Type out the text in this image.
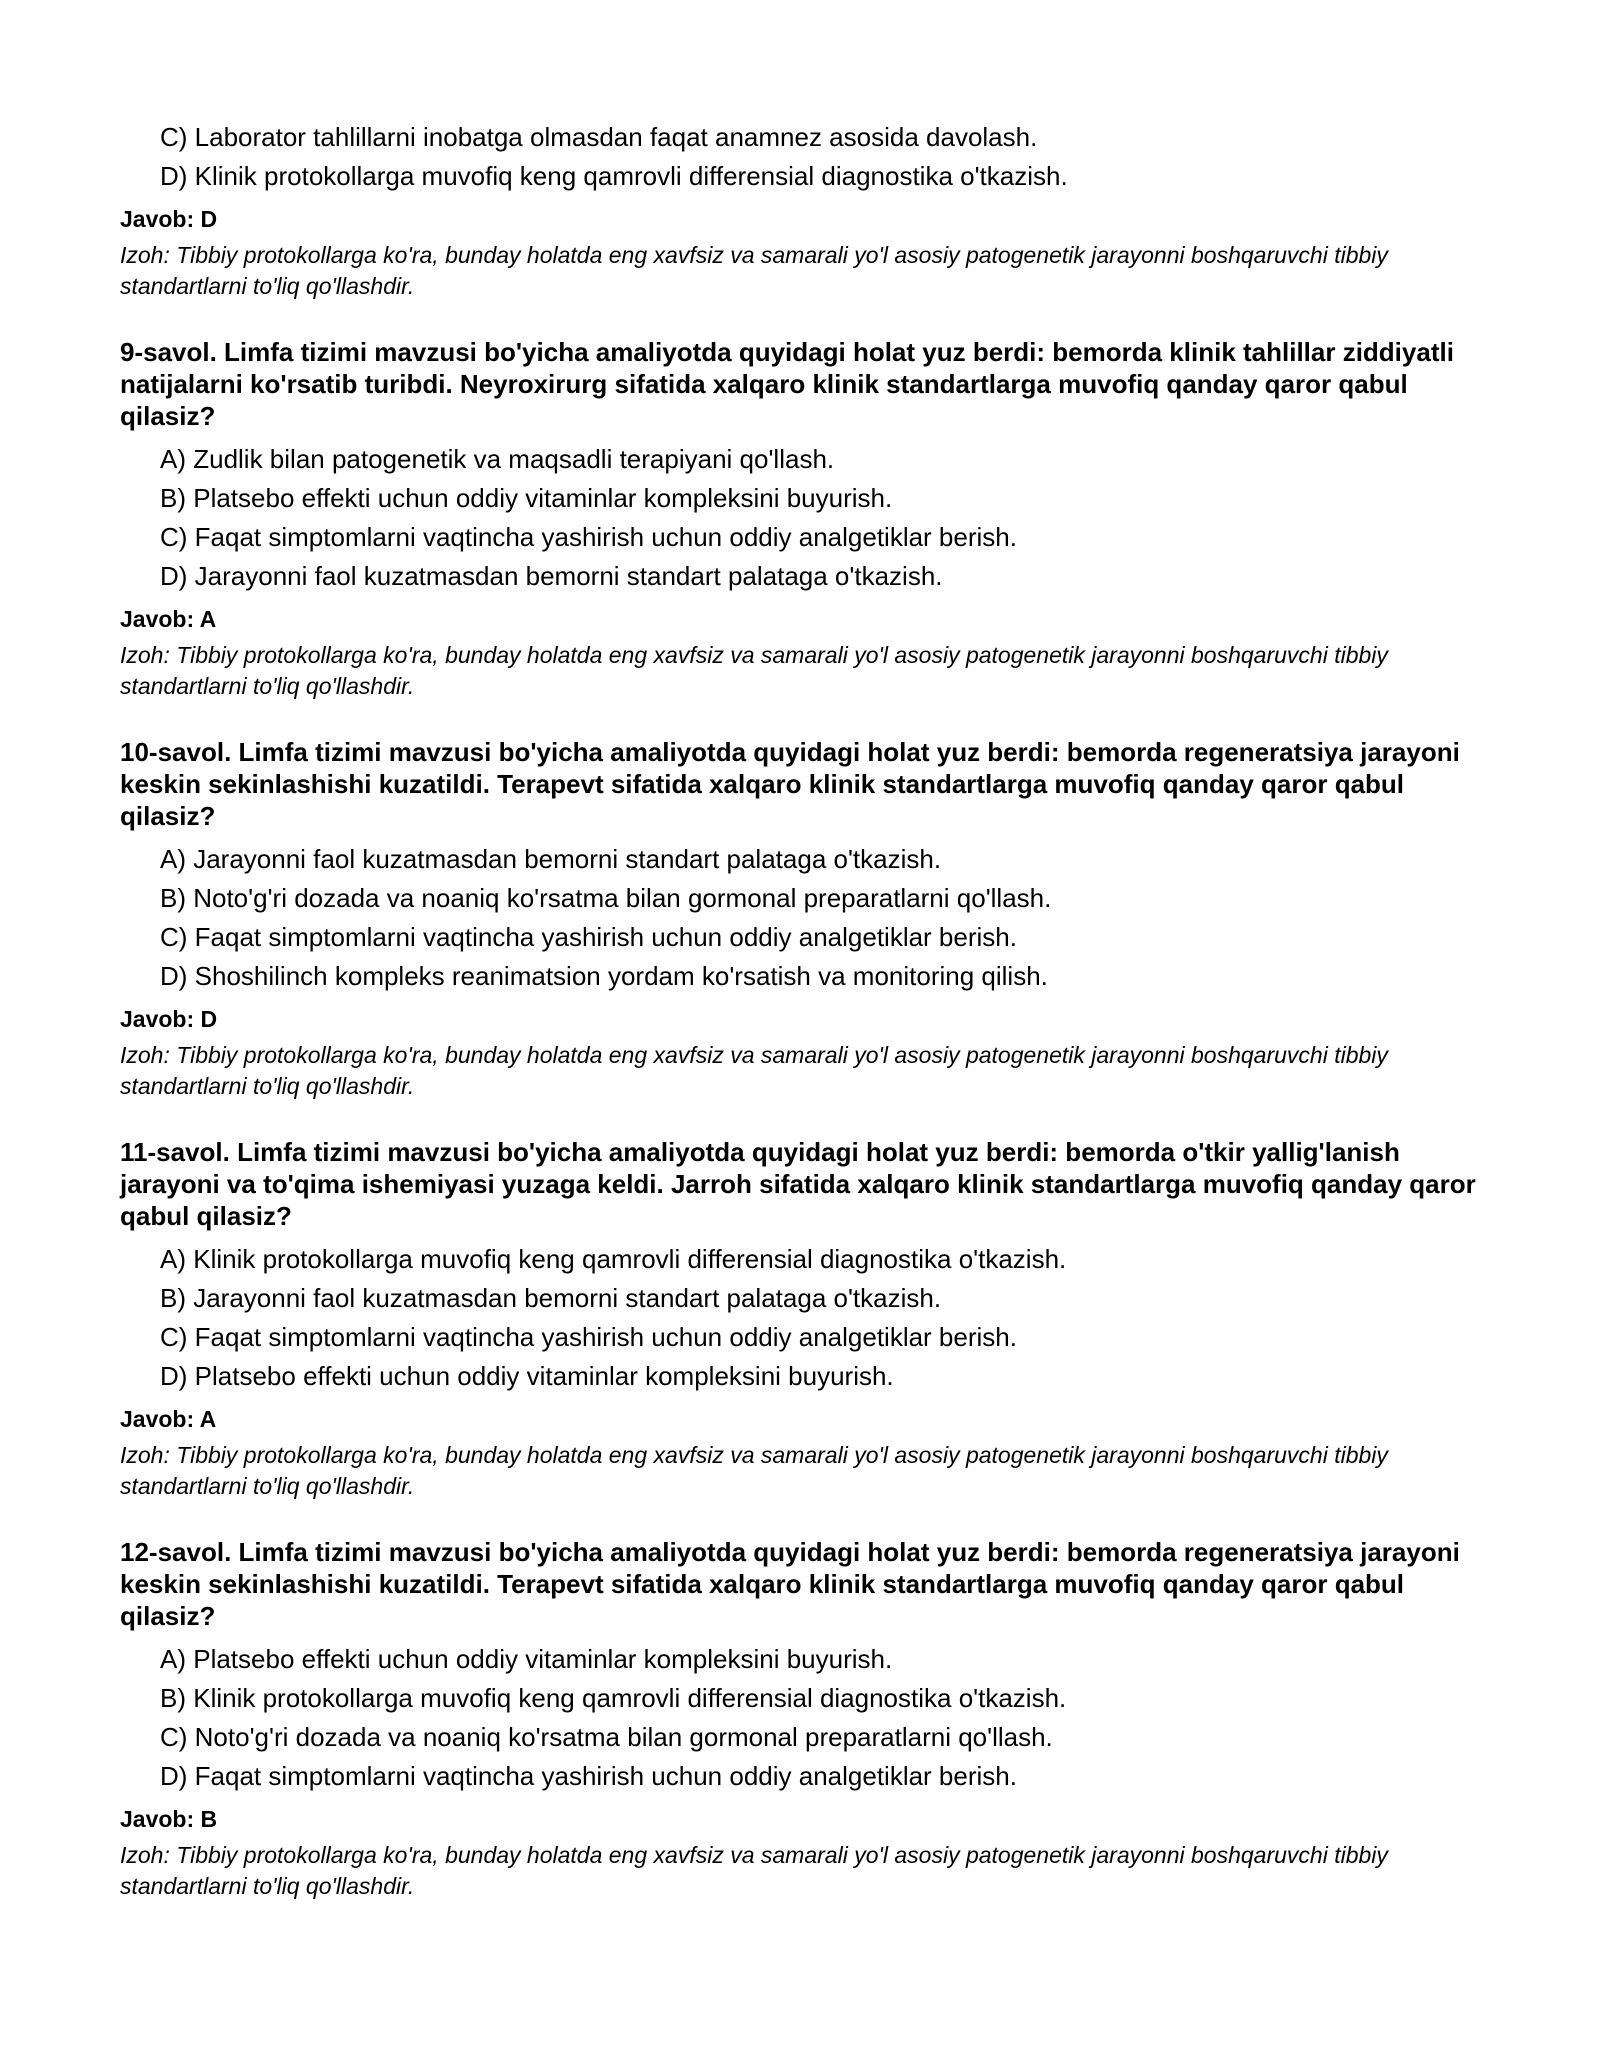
C) Laborator tahlillarni inobatga olmasdan faqat anamnez asosida davolash.
D) Klinik protokollarga muvofiq keng qamrovli differensial diagnostika o'tkazish.
Javob: D
Izoh: Tibbiy protokollarga ko'ra, bunday holatda eng xavfsiz va samarali yo'l asosiy patogenetik jarayonni boshqaruvchi tibbiy standartlarni to'liq qo'llashdir.
9-savol. Limfa tizimi mavzusi bo'yicha amaliyotda quyidagi holat yuz berdi: bemorda klinik tahlillar ziddiyatli natijalarni ko'rsatib turibdi. Neyroxirurg sifatida xalqaro klinik standartlarga muvofiq qanday qaror qabul qilasiz?
A) Zudlik bilan patogenetik va maqsadli terapiyani qo'llash.
B) Platsebo effekti uchun oddiy vitaminlar kompleksini buyurish.
C) Faqat simptomlarni vaqtincha yashirish uchun oddiy analgetiklar berish.
D) Jarayonni faol kuzatmasdan bemorni standart palataga o'tkazish.
Javob: A
Izoh: Tibbiy protokollarga ko'ra, bunday holatda eng xavfsiz va samarali yo'l asosiy patogenetik jarayonni boshqaruvchi tibbiy standartlarni to'liq qo'llashdir.
10-savol. Limfa tizimi mavzusi bo'yicha amaliyotda quyidagi holat yuz berdi: bemorda regeneratsiya jarayoni keskin sekinlashishi kuzatildi. Terapevt sifatida xalqaro klinik standartlarga muvofiq qanday qaror qabul qilasiz?
A) Jarayonni faol kuzatmasdan bemorni standart palataga o'tkazish.
B) Noto'g'ri dozada va noaniq ko'rsatma bilan gormonal preparatlarni qo'llash.
C) Faqat simptomlarni vaqtincha yashirish uchun oddiy analgetiklar berish.
D) Shoshilinch kompleks reanimatsion yordam ko'rsatish va monitoring qilish.
Javob: D
Izoh: Tibbiy protokollarga ko'ra, bunday holatda eng xavfsiz va samarali yo'l asosiy patogenetik jarayonni boshqaruvchi tibbiy standartlarni to'liq qo'llashdir.
11-savol. Limfa tizimi mavzusi bo'yicha amaliyotda quyidagi holat yuz berdi: bemorda o'tkir yallig'lanish jarayoni va to'qima ishemiyasi yuzaga keldi. Jarroh sifatida xalqaro klinik standartlarga muvofiq qanday qaror qabul qilasiz?
A) Klinik protokollarga muvofiq keng qamrovli differensial diagnostika o'tkazish.
B) Jarayonni faol kuzatmasdan bemorni standart palataga o'tkazish.
C) Faqat simptomlarni vaqtincha yashirish uchun oddiy analgetiklar berish.
D) Platsebo effekti uchun oddiy vitaminlar kompleksini buyurish.
Javob: A
Izoh: Tibbiy protokollarga ko'ra, bunday holatda eng xavfsiz va samarali yo'l asosiy patogenetik jarayonni boshqaruvchi tibbiy standartlarni to'liq qo'llashdir.
12-savol. Limfa tizimi mavzusi bo'yicha amaliyotda quyidagi holat yuz berdi: bemorda regeneratsiya jarayoni keskin sekinlashishi kuzatildi. Terapevt sifatida xalqaro klinik standartlarga muvofiq qanday qaror qabul qilasiz?
A) Platsebo effekti uchun oddiy vitaminlar kompleksini buyurish.
B) Klinik protokollarga muvofiq keng qamrovli differensial diagnostika o'tkazish.
C) Noto'g'ri dozada va noaniq ko'rsatma bilan gormonal preparatlarni qo'llash.
D) Faqat simptomlarni vaqtincha yashirish uchun oddiy analgetiklar berish.
Javob: B
Izoh: Tibbiy protokollarga ko'ra, bunday holatda eng xavfsiz va samarali yo'l asosiy patogenetik jarayonni boshqaruvchi tibbiy standartlarni to'liq qo'llashdir.
